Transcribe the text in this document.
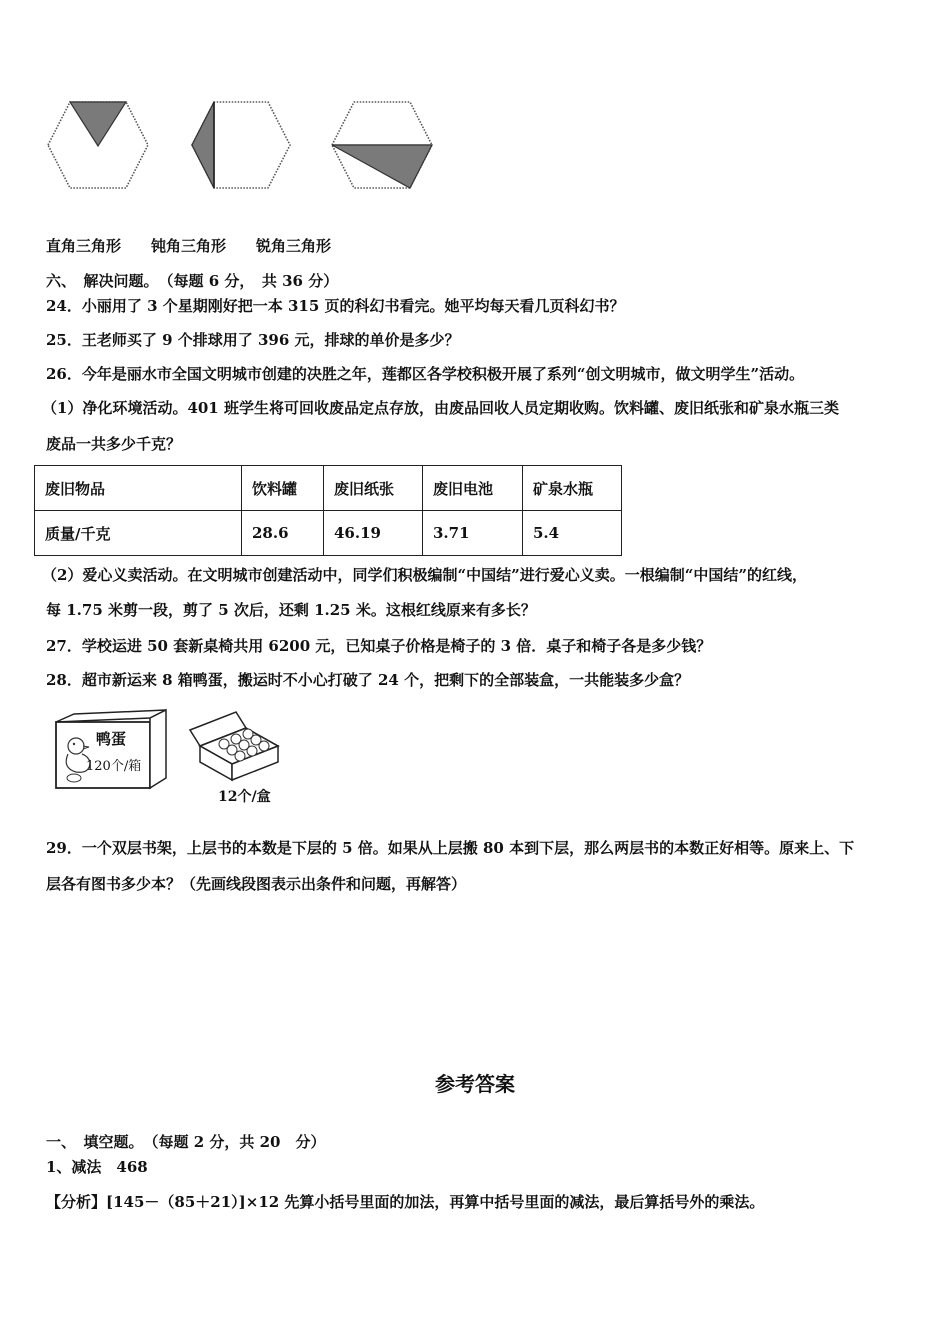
直角三角形　　钝角三角形　　锐角三角形
六、　解决问题。　（每题 6 分，　共 36 分）
24．小丽用了 3 个星期刚好把一本 315 页的科幻书看完。她平均每天看几页科幻书？
25．王老师买了 9 个排球用了 396 元，排球的单价是多少？
26．今年是丽水市全国文明城市创建的决胜之年，莲都区各学校积极开展了系列“创文明城市，做文明学生”活动。
（1）净化环境活动。401 班学生将可回收废品定点存放，由废品回收人员定期收购。饮料罐、废旧纸张和矿泉水瓶三类
废品一共多少千克？
废旧物品	饮料罐	废旧纸张	废旧电池	矿泉水瓶
质量/千克	28.6	46.19	3.71	5.4
（2）爱心义卖活动。在文明城市创建活动中，同学们积极编制“中国结”进行爱心义卖。一根编制“中国结”的红线，
每 1.75 米剪一段，剪了 5 次后，还剩 1.25 米。这根红线原来有多长？
27．学校运进 50 套新桌椅共用 6200 元，已知桌子价格是椅子的 3 倍．桌子和椅子各是多少钱？
28．超市新运来 8 箱鸭蛋，搬运时不小心打破了 24 个，把剩下的全部装盒，一共能装多少盒？
鸭蛋
120个/箱
12个/盒
29．一个双层书架，上层书的本数是下层的 5 倍。如果从上层搬 80 本到下层，那么两层书的本数正好相等。原来上、下
层各有图书多少本？（先画线段图表示出条件和问题，再解答）
参考答案
一、　填空题。　（每题 2 分，共 20　分）
1、减法　468
【分析】[145－（85＋21）]×12 先算小括号里面的加法，再算中括号里面的减法，最后算括号外的乘法。
